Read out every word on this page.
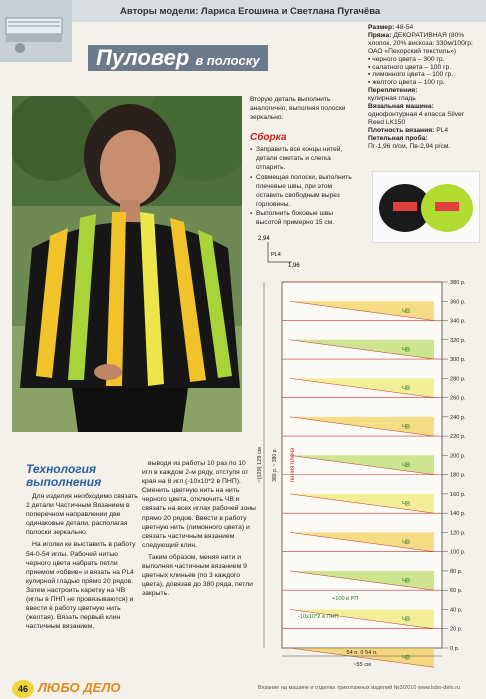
Авторы модели: Лариса Егошина и Светлана Пугачёва
Пуловер в полоску
Размер: 48-54
Пряжа: ДЕКОРАТИВНАЯ (80% хлопок, 20% вискоза; 330м/100гр; ОАО «Пехорский текстиль»)
▪ черного цвета – 300 гр.
▪ салатного цвета – 100 гр.
▪ лимонного цвета – 100 гр.
▪ желтого цвета – 100 гр.
Переплетения:
кулирная гладь
Вязальная машина:
однофонтурная 4 класса Silver Reed LK150
Плотность вязания: PL4
Петельная проба:
Пг-1,96 п/см, Пв-2,94 р/см.
Вторую деталь выполнить аналогично, выполняя полоски зеркально.
Сборка
▪ Заправить все концы нитей, детали сметать и слегка отпарить.
▪ Совмещая полоски, выполнить плечевые швы, при этом оставить свободным вырез горловины.
▪ Выполнить боковые швы высотой примерно 15 см.
2,94
PL4
1,96
ЧВ
ЧВ
ЧВ
ЧВ
ЧВ
ЧВ
ЧВ
ЧВ
ЧВ
ЧВ
380 р.
360 р.
340 р.
320 р.
300 р.
280 р.
260 р.
240 р.
220 р.
200 р.
180 р.
160 р.
140 р.
120 р.
100 р.
80 р.
60 р.
40 р.
20 р.
0 р.
~(129) 129 см 380 р. ~ 380 р. линия плеча
-10х10*2 в ПНП
+100 в РП
54 п. 0 54 п.
~55 см
Технология
выполнения

Для изделия необходимо связать 2 детали Частичным Вязанием в поперечном направлении две одинаковые детали, располагая полоски зеркально.

На иголки ке выставить в работу 54-0-54 иглы. Рабочей нитью черного цвета набрать петли приемом «обвив» и вязать на PL4 кулирной гладью прямо 20 рядов. Затем настроить каретку на ЧВ (иглы в ПНП не провязываются) и ввести в работу цветную нить (желтая). Вязать первый клин частичным вязанием,

выводя из работы 10 раз по 10 игл в каждом 2-м ряду, отступя от края на 8 игл (-10х10*2 в ПНП). Сменить цветную нить на нить черного цвета, отключить ЧВ и связать на всех иглах рабочей зоны прямо 20 рядов. Ввести в работу цветную нить (лимонного цвета) и связать частичным вязанием следующий клин.

Таким образом, меняя нити и выполняя частичным вязанием 9 цветных клиньев (по 3 каждого цвета), довязав до 380 ряда, петли закрыть.

46 ЛЮБО ДЕЛО	Вязание на машине и отделка трикотажных изделий №3/2010 www.lubo-delo.ru
